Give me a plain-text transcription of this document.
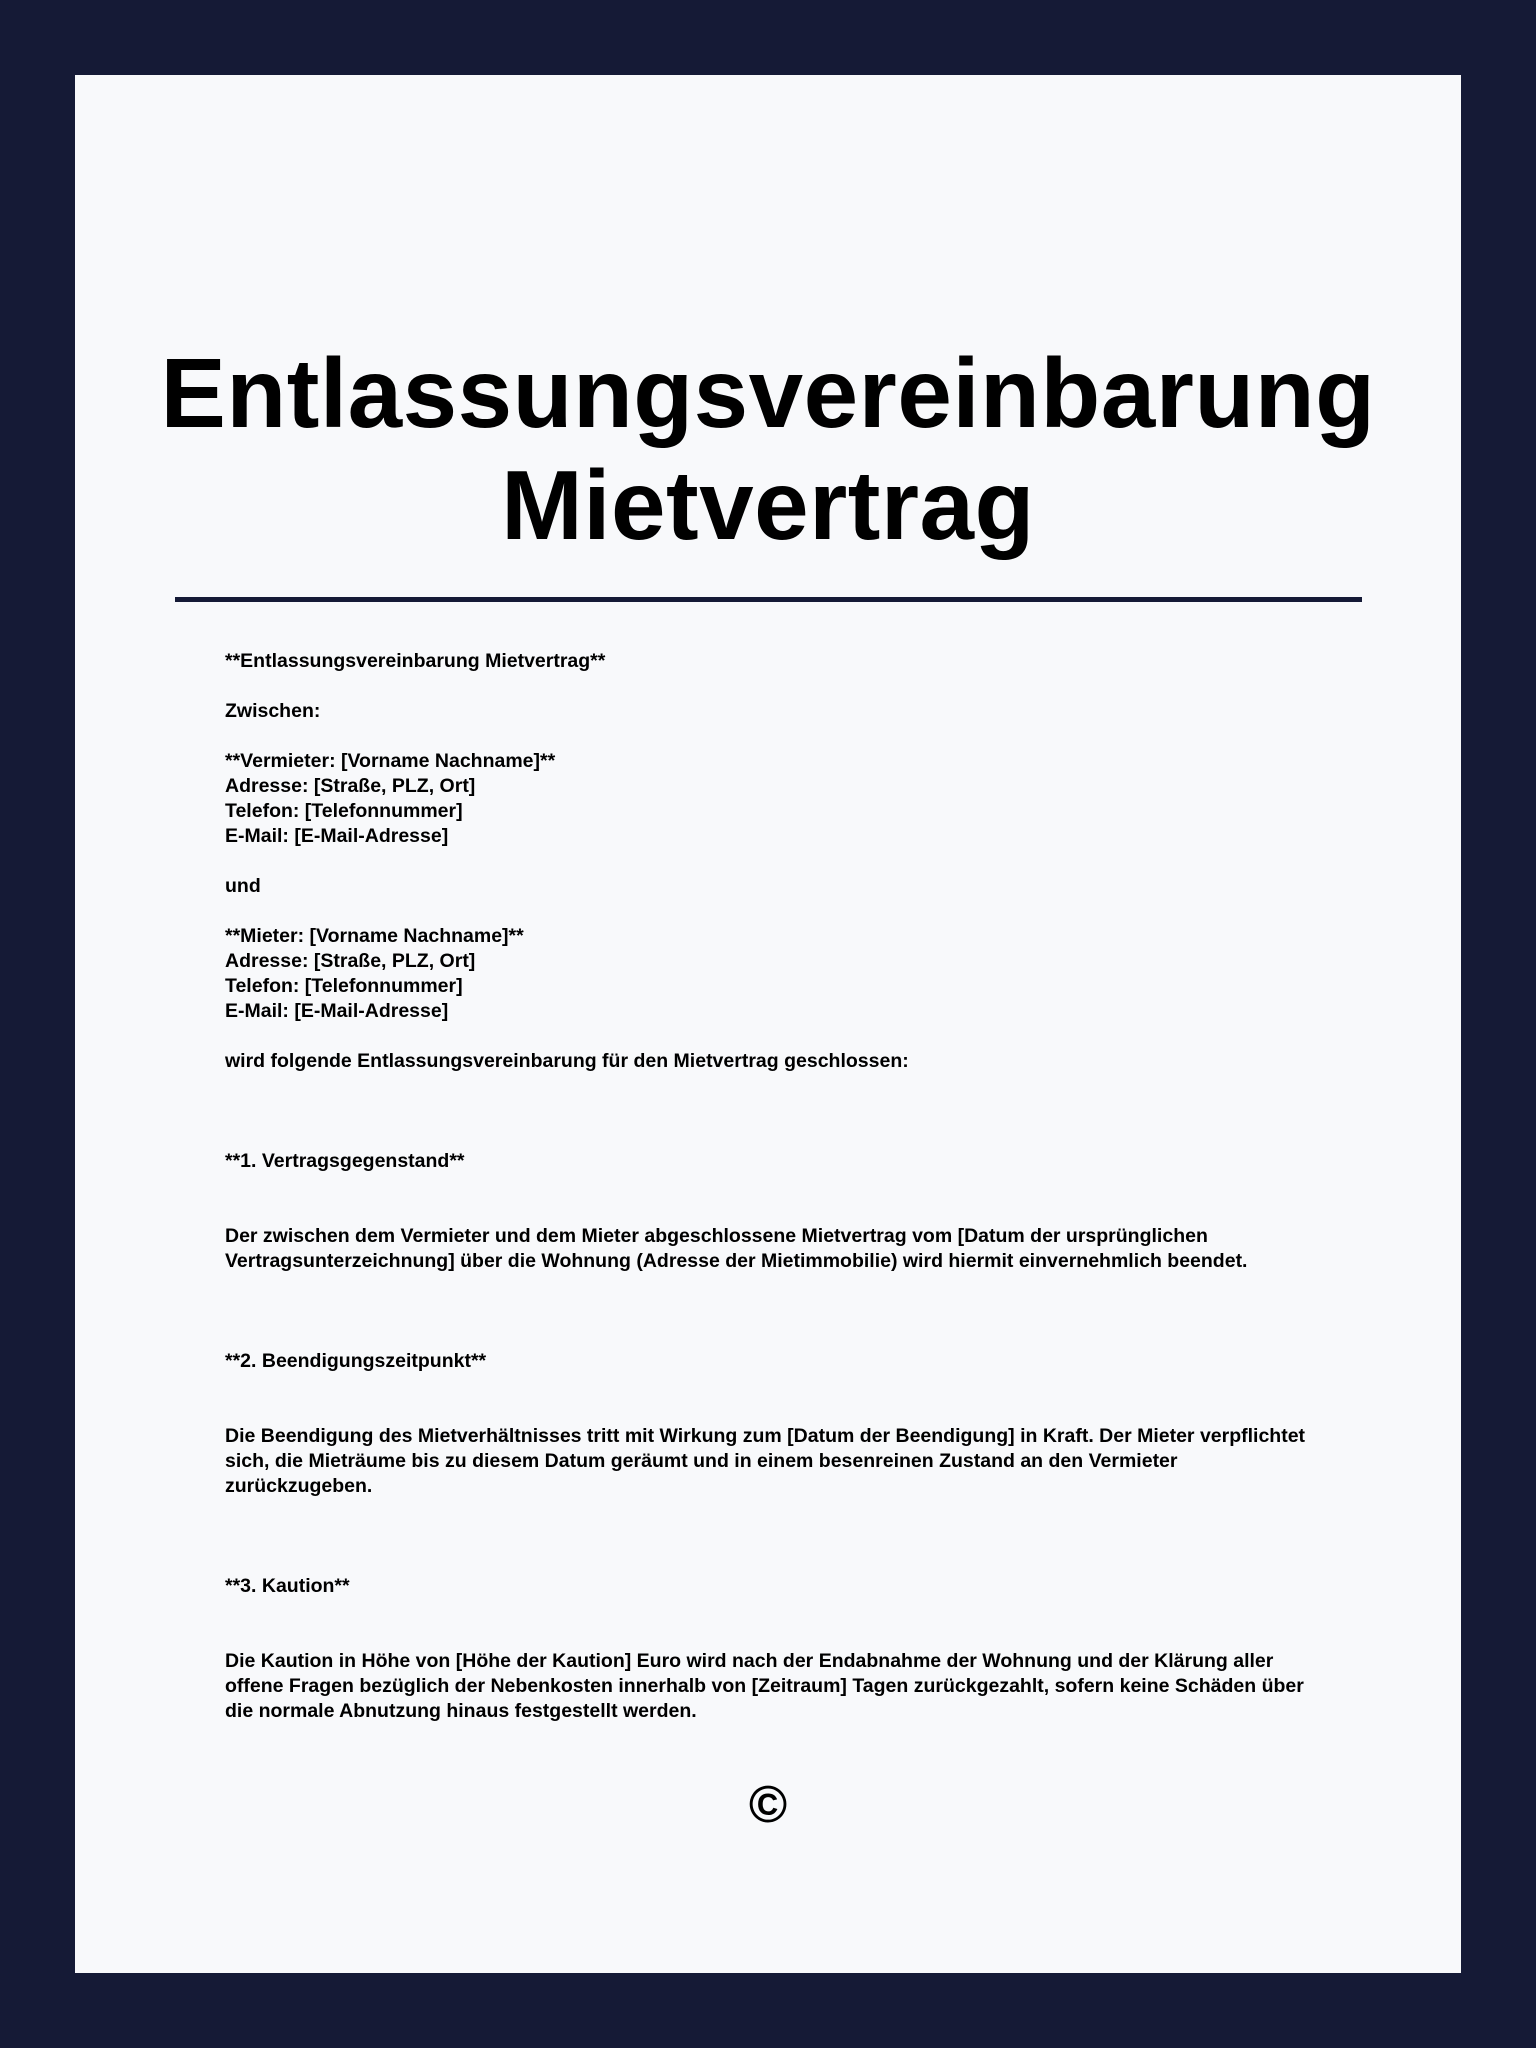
Entlassungsvereinbarung
Mietvertrag
**Entlassungsvereinbarung Mietvertrag**
Zwischen:
**Vermieter: [Vorname Nachname]**
Adresse: [Straße, PLZ, Ort]
Telefon: [Telefonnummer]
E-Mail: [E-Mail-Adresse]
und
**Mieter: [Vorname Nachname]**
Adresse: [Straße, PLZ, Ort]
Telefon: [Telefonnummer]
E-Mail: [E-Mail-Adresse]
wird folgende Entlassungsvereinbarung für den Mietvertrag geschlossen:
**1. Vertragsgegenstand**
Der zwischen dem Vermieter und dem Mieter abgeschlossene Mietvertrag vom [Datum der ursprünglichen
Vertragsunterzeichnung] über die Wohnung (Adresse der Mietimmobilie) wird hiermit einvernehmlich beendet.
**2. Beendigungszeitpunkt**
Die Beendigung des Mietverhältnisses tritt mit Wirkung zum [Datum der Beendigung] in Kraft. Der Mieter verpflichtet
sich, die Mieträume bis zu diesem Datum geräumt und in einem besenreinen Zustand an den Vermieter
zurückzugeben.
**3. Kaution**
Die Kaution in Höhe von [Höhe der Kaution] Euro wird nach der Endabnahme der Wohnung und der Klärung aller
offene Fragen bezüglich der Nebenkosten innerhalb von [Zeitraum] Tagen zurückgezahlt, sofern keine Schäden über
die normale Abnutzung hinaus festgestellt werden.
©
